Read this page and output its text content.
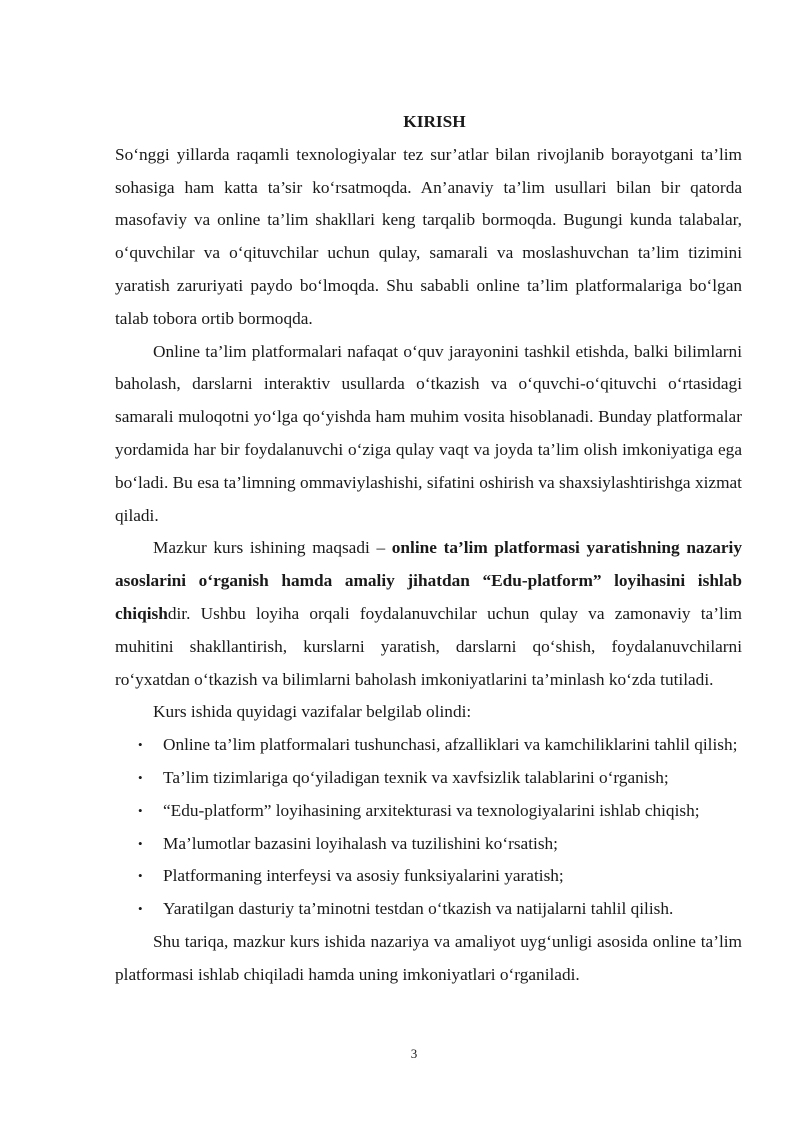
KIRISH

So‘nggi yillarda raqamli texnologiyalar tez sur’atlar bilan rivojlanib borayotgani ta’lim sohasiga ham katta ta’sir ko‘rsatmoqda. An’anaviy ta’lim usullari bilan bir qatorda masofaviy va online ta’lim shakllari keng tarqalib bormoqda. Bugungi kunda talabalar, o‘quvchilar va o‘qituvchilar uchun qulay, samarali va moslashuvchan ta’lim tizimini yaratish zaruriyati paydo bo‘lmoqda. Shu sababli online ta’lim platformalariga bo‘lgan talab tobora ortib bormoqda.

Online ta’lim platformalari nafaqat o‘quv jarayonini tashkil etishda, balki bilimlarni baholash, darslarni interaktiv usullarda o‘tkazish va o‘quvchi-o‘qituvchi o‘rtasidagi samarali muloqotni yo‘lga qo‘yishda ham muhim vosita hisoblanadi. Bunday platformalar yordamida har bir foydalanuvchi o‘ziga qulay vaqt va joyda ta’lim olish imkoniyatiga ega bo‘ladi. Bu esa ta’limning ommaviylashishi, sifatini oshirish va shaxsiylashtirishga xizmat qiladi.

Mazkur kurs ishining maqsadi – online ta’lim platformasi yaratishning nazariy asoslarini o‘rganish hamda amaliy jihatdan “Edu-platform” loyihasini ishlab chiqishdir. Ushbu loyiha orqali foydalanuvchilar uchun qulay va zamonaviy ta’lim muhitini shakllantirish, kurslarni yaratish, darslarni qo‘shish, foydalanuvchilarni ro‘yxatdan o‘tkazish va bilimlarni baholash imkoniyatlarini ta’minlash ko‘zda tutiladi.

Kurs ishida quyidagi vazifalar belgilab olindi:

• Online ta’lim platformalari tushunchasi, afzalliklari va kamchiliklarini tahlil qilish;
• Ta’lim tizimlariga qo‘yiladigan texnik va xavfsizlik talablarini o‘rganish;
• “Edu-platform” loyihasining arxitekturasi va texnologiyalarini ishlab chiqish;
• Ma’lumotlar bazasini loyihalash va tuzilishini ko‘rsatish;
• Platformaning interfeysi va asosiy funksiyalarini yaratish;
• Yaratilgan dasturiy ta’minotni testdan o‘tkazish va natijalarni tahlil qilish.

Shu tariqa, mazkur kurs ishida nazariya va amaliyot uyg‘unligi asosida online ta’lim platformasi ishlab chiqiladi hamda uning imkoniyatlari o‘rganiladi.

3
